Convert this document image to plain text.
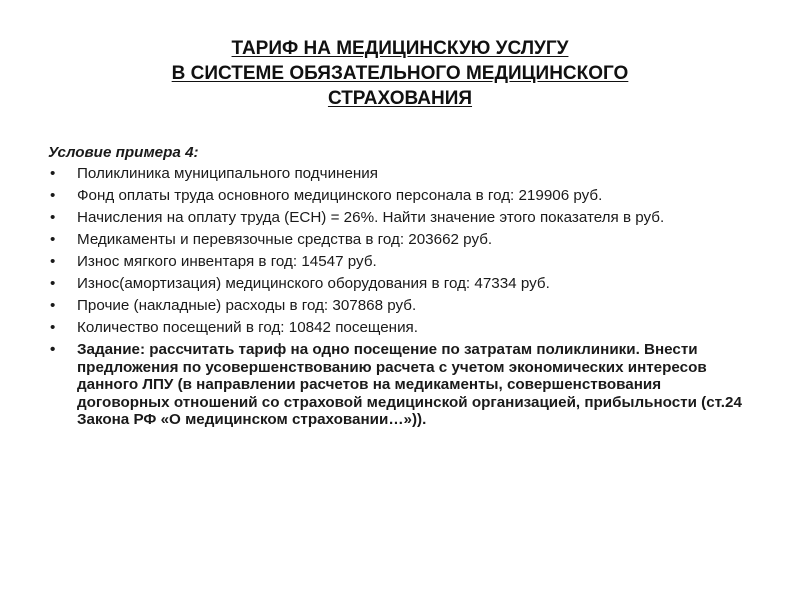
ТАРИФ НА МЕДИЦИНСКУЮ УСЛУГУ
В СИСТЕМЕ ОБЯЗАТЕЛЬНОГО МЕДИЦИНСКОГО
СТРАХОВАНИЯ
Условие примера 4:
• Поликлиника муниципального подчинения
• Фонд оплаты труда основного медицинского персонала в год: 219906 руб.
• Начисления на оплату труда (ЕСН) = 26%. Найти значение этого показателя в руб.
• Медикаменты и перевязочные средства в год: 203662 руб.
• Износ мягкого инвентаря в год: 14547 руб.
• Износ(амортизация) медицинского оборудования в год: 47334 руб.
• Прочие (накладные) расходы в год: 307868 руб.
• Количество посещений в год: 10842 посещения.
• Задание: рассчитать тариф на одно посещение по затратам поликлиники. Внести предложения по усовершенствованию расчета с учетом экономических интересов данного ЛПУ (в направлении расчетов на медикаменты, совершенствования договорных отношений со страховой медицинской организацией, прибыльности (ст.24 Закона РФ «О медицинском страховании…»)).
